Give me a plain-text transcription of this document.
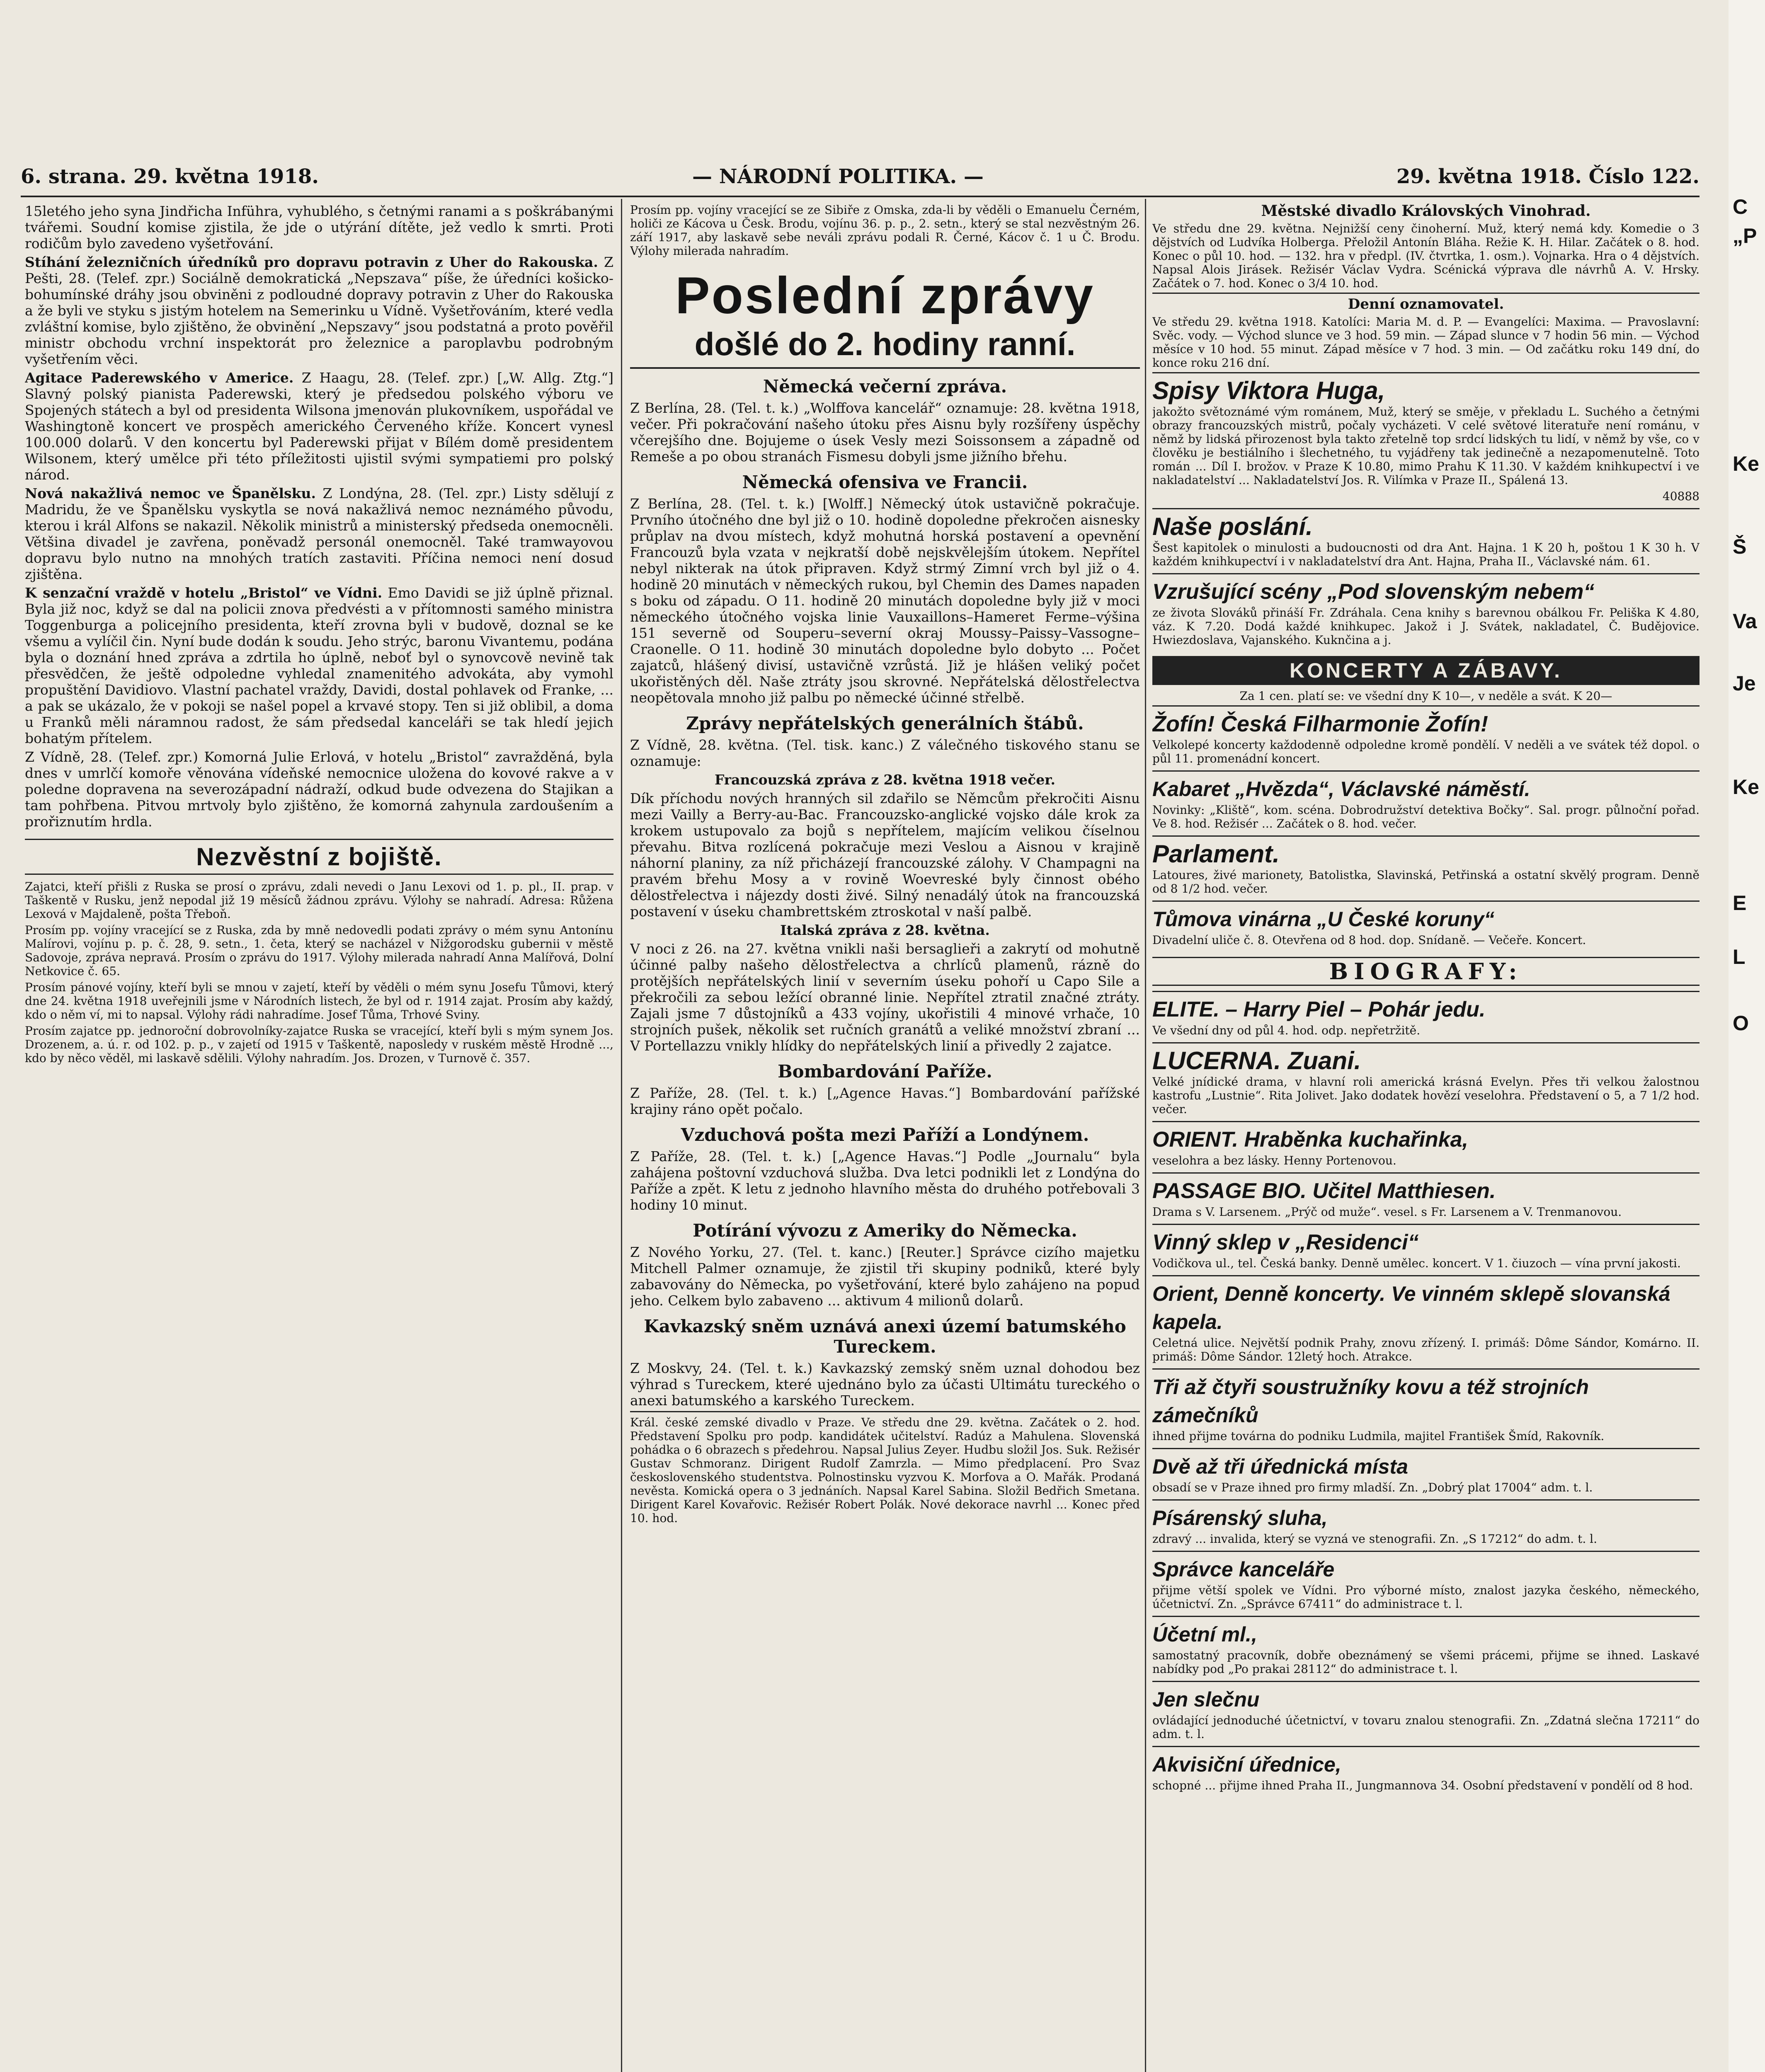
6. strana. 29. května 1918.	— NÁRODNÍ POLITIKA. —	29. května 1918. Číslo 122.

15letého jeho syna Jindřicha Inführa, vyhublého, s četnými ranami a s poškrábanými tvářemi. Soudní komise zjistila, že jde o utýrání dítěte, jež vedlo k smrti. Proti rodičům bylo zavedeno vyšetřování.

Stíhání železničních úředníků pro dopravu potravin z Uher do Rakouska. Z Pešti, 28. (Telef. zpr.) Sociálně demokratická „Nepszava“ píše, že úředníci košicko-bohumínské dráhy jsou obviněni z podloudné dopravy potravin z Uher do Rakouska a že byli ve styku s jistým hotelem na Semerinku u Vídně. Vyšetřováním, které vedla zvláštní komise, bylo zjištěno, že obvinění „Nepszavy“ jsou podstatná a proto pověřil ministr obchodu vrchní inspektorát pro železnice a paroplavbu podrobným vyšetřením věci.

Agitace Paderewského v Americe. Z Haagu, 28. (Telef. zpr.) [„W. Allg. Ztg.“] Slavný polský pianista Paderewski, který je předsedou polského výboru ve Spojených státech a byl od presidenta Wilsona jmenován plukovníkem, uspořádal ve Washingtoně koncert ve prospěch amerického Červeného kříže. Koncert vynesl 100.000 dolarů. V den koncertu byl Paderewski přijat v Bílém domě presidentem Wilsonem, který umělce při této příležitosti ujistil svými sympatiemi pro polský národ.

Nová nakažlivá nemoc ve Španělsku. Z Londýna, 28. (Tel. zpr.) Listy sdělují z Madridu, že ve Španělsku vyskytla se nová nakažlivá nemoc neznámého původu, kterou i král Alfons se nakazil. Několik ministrů a ministerský předseda onemocněli. Většina divadel je zavřena, poněvadž personál onemocněl. Také tramwayovou dopravu bylo nutno na mnohých tratích zastaviti. Příčina nemoci není dosud zjištěna.

K senzační vraždě v hotelu „Bristol“ ve Vídni. Emo Davidi se již úplně přiznal. Byla již noc, když se dal na policii znova předvésti a v přítomnosti samého ministra Toggenburga a policejního presidenta, kteří zrovna byli v budově, doznal se ke všemu a vylíčil čin. Nyní bude dodán k soudu. Jeho strýc, baronu Vivantemu, podána byla o doznání hned zpráva a zdrtila ho úplně, neboť byl o synovcově nevině tak přesvědčen, že ještě odpoledne vyhledal znamenitého advokáta, aby vymohl propuštění Davidiovo. Vlastní pachatel vraždy, Davidi, dostal pohlavek od Franke, ... a pak se ukázalo, že v pokoji se našel popel a krvavé stopy. Ten si již oblibil, a doma u Franků měli náramnou radost, že sám předsedal kanceláři se tak hledí jejich bohatým přítelem.

Z Vídně, 28. (Telef. zpr.) Komorná Julie Erlová, v hotelu „Bristol“ zavražděná, byla dnes v umrlčí komoře věnována vídeňské nemocnice uložena do kovové rakve a v poledne dopravena na severozápadní nádraží, odkud bude odvezena do Stajikan a tam pohřbena. Pitvou mrtvoly bylo zjištěno, že komorná zahynula zardoušením a prořiznutím hrdla.

Nezvěstní z bojiště.

Zajatci, kteří přišli z Ruska se prosí o zprávu, zdali nevedi o Janu Lexovi od 1. p. pl., II. prap. v Taškentě v Rusku, jenž nepodal již 19 měsíců žádnou zprávu. Výlohy se nahradí. Adresa: Růžena Lexová v Majdaleně, pošta Třeboň.

Prosím pp. vojíny vracející se z Ruska, zda by mně nedovedli podati zprávy o mém synu Antonínu Malírovi, vojínu p. p. č. 28, 9. setn., 1. četa, který se nacházel v Nižgorodsku gubernii v městě Sadovoje, zpráva nepravá. Prosím o zprávu do 1917. Výlohy milerada nahradí Anna Malířová, Dolní Netkovice č. 65.

Prosím pánové vojíny, kteří byli se mnou v zajetí, kteří by věděli o mém synu Josefu Tůmovi, který dne 24. května 1918 uveřejnili jsme v Národních listech, že byl od r. 1914 zajat. Prosím aby každý, kdo o něm ví, mi to napsal. Výlohy rádi nahradíme. Josef Tůma, Trhové Sviny.

Prosím zajatce pp. jednoroční dobrovolníky-zajatce Ruska se vracející, kteří byli s mým synem Jos. Drozenem, a. ú. r. od 102. p. p., v zajetí od 1915 v Taškentě, naposledy v ruském městě Hrodně ..., kdo by něco věděl, mi laskavě sdělili. Výlohy nahradím. Jos. Drozen, v Turnově č. 357.

Prosím pp. vojíny vracející se ze Sibiře z Omska, zda-li by věděli o Emanuelu Černém, holiči ze Kácova u Česk. Brodu, vojínu 36. p. p., 2. setn., který se stal nezvěstným 26. září 1917, aby laskavě sebe neváli zprávu podali R. Černé, Kácov č. 1 u Č. Brodu. Výlohy milerada nahradím.

Poslední zprávy
došlé do 2. hodiny ranní.
Německá večerní zpráva.

Z Berlína, 28. (Tel. t. k.) „Wolffova kancelář“ oznamuje: 28. května 1918, večer. Při pokračování našeho útoku přes Aisnu byly rozšířeny úspěchy včerejšího dne. Bojujeme o úsek Vesly mezi Soissonsem a západně od Remeše a po obou stranách Fismesu dobyli jsme jižního břehu.

Německá ofensiva ve Francii.

Z Berlína, 28. (Tel. t. k.) [Wolff.] Německý útok ustavičně pokračuje. Prvního útočného dne byl již o 10. hodině dopoledne překročen aisnesky průplav na dvou místech, když mohutná horská postavení a opevnění Francouzů byla vzata v nejkratší době nejskvělejším útokem. Nepřítel nebyl nikterak na útok připraven. Když strmý Zimní vrch byl již o 4. hodině 20 minutách v německých rukou, byl Chemin des Dames napaden s boku od západu. O 11. hodině 20 minutách dopoledne byly již v moci německého útočného vojska linie Vauxaillons–Hameret Ferme–výšina 151 severně od Souperu–severní okraj Moussy–Paissy–Vassogne–Craonelle. O 11. hodině 30 minutách dopoledne bylo dobyto ... Počet zajatců, hlášený divisí, ustavičně vzrůstá. Již je hlášen veliký počet ukořistěných děl. Naše ztráty jsou skrovné. Nepřátelská dělostřelectva neopětovala mnoho již palbu po německé účinné střelbě.

Zprávy nepřátelských generálních štábů.

Z Vídně, 28. května. (Tel. tisk. kanc.) Z válečného tiskového stanu se oznamuje:

Francouzská zpráva z 28. května 1918 večer.

Dík příchodu nových hranných sil zdařilo se Němcům překročiti Aisnu mezi Vailly a Berry-au-Bac. Francouzsko-anglické vojsko dále krok za krokem ustupovalo za bojů s nepřítelem, majícím velikou číselnou převahu. Bitva rozlícená pokračuje mezi Veslou a Aisnou v krajině náhorní planiny, za níž přicházejí francouzské zálohy. V Champagni na pravém břehu Mosy a v rovině Woevreské byly činnost obého dělostřelectva i nájezdy dosti živé. Silný nenadálý útok na francouzská postavení v úseku chambrettském ztroskotal v naší palbě.

Italská zpráva z 28. května.

V noci z 26. na 27. května vnikli naši bersaglieři a zakrytí od mohutně účinné palby našeho dělostřelectva a chrlíců plamenů, rázně do protějších nepřátelských linií v severním úseku pohoří u Capo Sile a překročili za sebou ležící obranné linie. Nepřítel ztratil značné ztráty. Zajali jsme 7 důstojníků a 433 vojíny, ukořistili 4 minové vrhače, 10 strojních pušek, několik set ručních granátů a veliké množství zbraní ... V Portellazzu vnikly hlídky do nepřátelských linií a přivedly 2 zajatce.

Bombardování Paříže.

Z Paříže, 28. (Tel. t. k.) [„Agence Havas.“] Bombardování pařížské krajiny ráno opět počalo.

Vzduchová pošta mezi Paříží a Londýnem.

Z Paříže, 28. (Tel. t. k.) [„Agence Havas.“] Podle „Journalu“ byla zahájena poštovní vzduchová služba. Dva letci podnikli let z Londýna do Paříže a zpět. K letu z jednoho hlavního města do druhého potřebovali 3 hodiny 10 minut.

Potírání vývozu z Ameriky do Německa.

Z Nového Yorku, 27. (Tel. t. kanc.) [Reuter.] Správce cizího majetku Mitchell Palmer oznamuje, že zjistil tři skupiny podniků, které byly zabavovány do Německa, po vyšetřování, které bylo zahájeno na popud jeho. Celkem bylo zabaveno ... aktivum 4 milionů dolarů.

Kavkazský sněm uznává anexi území batumského Tureckem.

Z Moskvy, 24. (Tel. t. k.) Kavkazský zemský sněm uznal dohodou bez výhrad s Tureckem, které ujednáno bylo za účasti Ultimátu tureckého o anexi batumského a karského Tureckem.

Král. české zemské divadlo v Praze. Ve středu dne 29. května. Začátek o 2. hod. Představení Spolku pro podp. kandidátek učitelství. Radúz a Mahulena. Slovenská pohádka o 6 obrazech s předehrou. Napsal Julius Zeyer. Hudbu složil Jos. Suk. Režisér Gustav Schmoranz. Dirigent Rudolf Zamrzla. — Mimo předplacení. Pro Svaz československého studentstva. Polnostinsku vyzvou K. Morfova a O. Mařák. Prodaná nevěsta. Komická opera o 3 jednáních. Napsal Karel Sabina. Složil Bedřich Smetana. Dirigent Karel Kovařovic. Režisér Robert Polák. Nové dekorace navrhl ... Konec před 10. hod.

Městské divadlo Královských Vinohrad.

Ve středu dne 29. května. Nejnižší ceny činoherní. Muž, který nemá kdy. Komedie o 3 dějstvích od Ludvíka Holberga. Přeložil Antonín Bláha. Režie K. H. Hilar. Začátek o 8. hod. Konec o půl 10. hod. — 132. hra v předpl. (IV. čtvrtka, 1. osm.). Vojnarka. Hra o 4 dějstvích. Napsal Alois Jirásek. Režisér Václav Vydra. Scénická výprava dle návrhů A. V. Hrsky. Začátek o 7. hod. Konec o 3/4 10. hod.

Denní oznamovatel.

Ve středu 29. května 1918. Katolíci: Maria M. d. P. — Evangelíci: Maxima. — Pravoslavní: Svěc. vody. — Východ slunce ve 3 hod. 59 min. — Západ slunce v 7 hodin 56 min. — Východ měsíce v 10 hod. 55 minut. Západ měsíce v 7 hod. 3 min. — Od začátku roku 149 dní, do konce roku 216 dní.

Spisy Viktora Huga,

jakožto světoznámé vým románem, Muž, který se směje, v překladu L. Suchého a četnými obrazy francouzských mistrů, počaly vycházeti. V celé světové literatuře není románu, v němž by lidská přirozenost byla takto zřetelně top srdcí lidských tu lidí, v němž by vše, co v člověku je bestiálního i šlechetného, tu vyjádřeny tak jedinečně a nezapomenutelně. Toto román ... Díl I. brožov. v Praze K 10.80, mimo Prahu K 11.30. V každém knihkupectví i ve nakladatelství ... Nakladatelství Jos. R. Vilímka v Praze II., Spálená 13.

40888

Naše poslání.

Šest kapitolek o minulosti a budoucnosti od dra Ant. Hajna. 1 K 20 h, poštou 1 K 30 h. V každém knihkupectví i v nakladatelství dra Ant. Hajna, Praha II., Václavské nám. 61.

Vzrušující scény „Pod slovenským nebem“

ze života Slováků přináší Fr. Zdráhala. Cena knihy s barevnou obálkou Fr. Peliška K 4.80, váz. K 7.20. Dodá každé knihkupec. Jakož i J. Svátek, nakladatel, Č. Budějovice. Hwiezdoslava, Vajanského. Kuknčina a j.

KONCERTY A ZÁBAVY.

Za 1 cen. platí se: ve všední dny K 10—, v neděle a svát. K 20—

Žofín! Česká Filharmonie Žofín!

Velkolepé koncerty každodenně odpoledne kromě pondělí. V neděli a ve svátek též dopol. o půl 11. promenádní koncert.

Kabaret „Hvězda“, Václavské náměstí.

Novinky: „Kliště“, kom. scéna. Dobrodružství detektiva Bočky“. Sal. progr. půlnoční pořad. Ve 8. hod. Režisér ... Začátek o 8. hod. večer.

Parlament.

Latoures, živé marionety, Batolistka, Slavinská, Petřinská a ostatní skvělý program. Denně od 8 1/2 hod. večer.

Tůmova vinárna „U České koruny“

Divadelní uliče č. 8. Otevřena od 8 hod. dop. Snídaně. — Večeře. Koncert.

BIOGRAFY:
ELITE. – Harry Piel – Pohár jedu.

Ve všední dny od půl 4. hod. odp. nepřetržitě.

LUCERNA. Zuani.

Velké jnídické drama, v hlavní roli americká krásná Evelyn. Přes tři velkou žalostnou kastrofu „Lustnie“. Rita Jolivet. Jako dodatek hovězí veselohra. Představení o 5, a 7 1/2 hod. večer.

ORIENT. Hraběnka kuchařinka,

veselohra a bez lásky. Henny Portenovou.

PASSAGE BIO. Učitel Matthiesen.

Drama s V. Larsenem. „Prýč od muže“. vesel. s Fr. Larsenem a V. Trenmanovou.

Vinný sklep v „Residenci“

Vodičkova ul., tel. Česká banky. Denně umělec. koncert. V 1. čiuzoch — vína první jakosti.

Orient, Denně koncerty. Ve vinném sklepě slovanská kapela.

Celetná ulice. Největší podnik Prahy, znovu zřízený. I. primáš: Dôme Sándor, Komárno. II. primáš: Dôme Sándor. 12letý hoch. Atrakce.

Tři až čtyři soustružníky kovu a též strojních zámečníků

ihned přijme továrna do podniku Ludmila, majitel František Šmíd, Rakovník.

Dvě až tři úřednická místa

obsadí se v Praze ihned pro firmy mladší. Zn. „Dobrý plat 17004“ adm. t. l.

Písárenský sluha,

zdravý ... invalida, který se vyzná ve stenografii. Zn. „S 17212“ do adm. t. l.

Správce kanceláře

přijme větší spolek ve Vídni. Pro výborné místo, znalost jazyka českého, německého, účetnictví. Zn. „Správce 67411“ do administrace t. l.

Účetní ml.,

samostatný pracovník, dobře obeznámený se všemi prácemi, přijme se ihned. Laskavé nabídky pod „Po prakai 28112“ do administrace t. l.

Jen slečnu

ovládající jednoduché účetnictví, v tovaru znalou stenografii. Zn. „Zdatná slečna 17211“ do adm. t. l.

Akvisiční úřednice,

schopné ... přijme ihned Praha II., Jungmannova 34. Osobní představení v pondělí od 8 hod.

C
„P
Ke
Š
Va
Je
Ke
E
L
O
